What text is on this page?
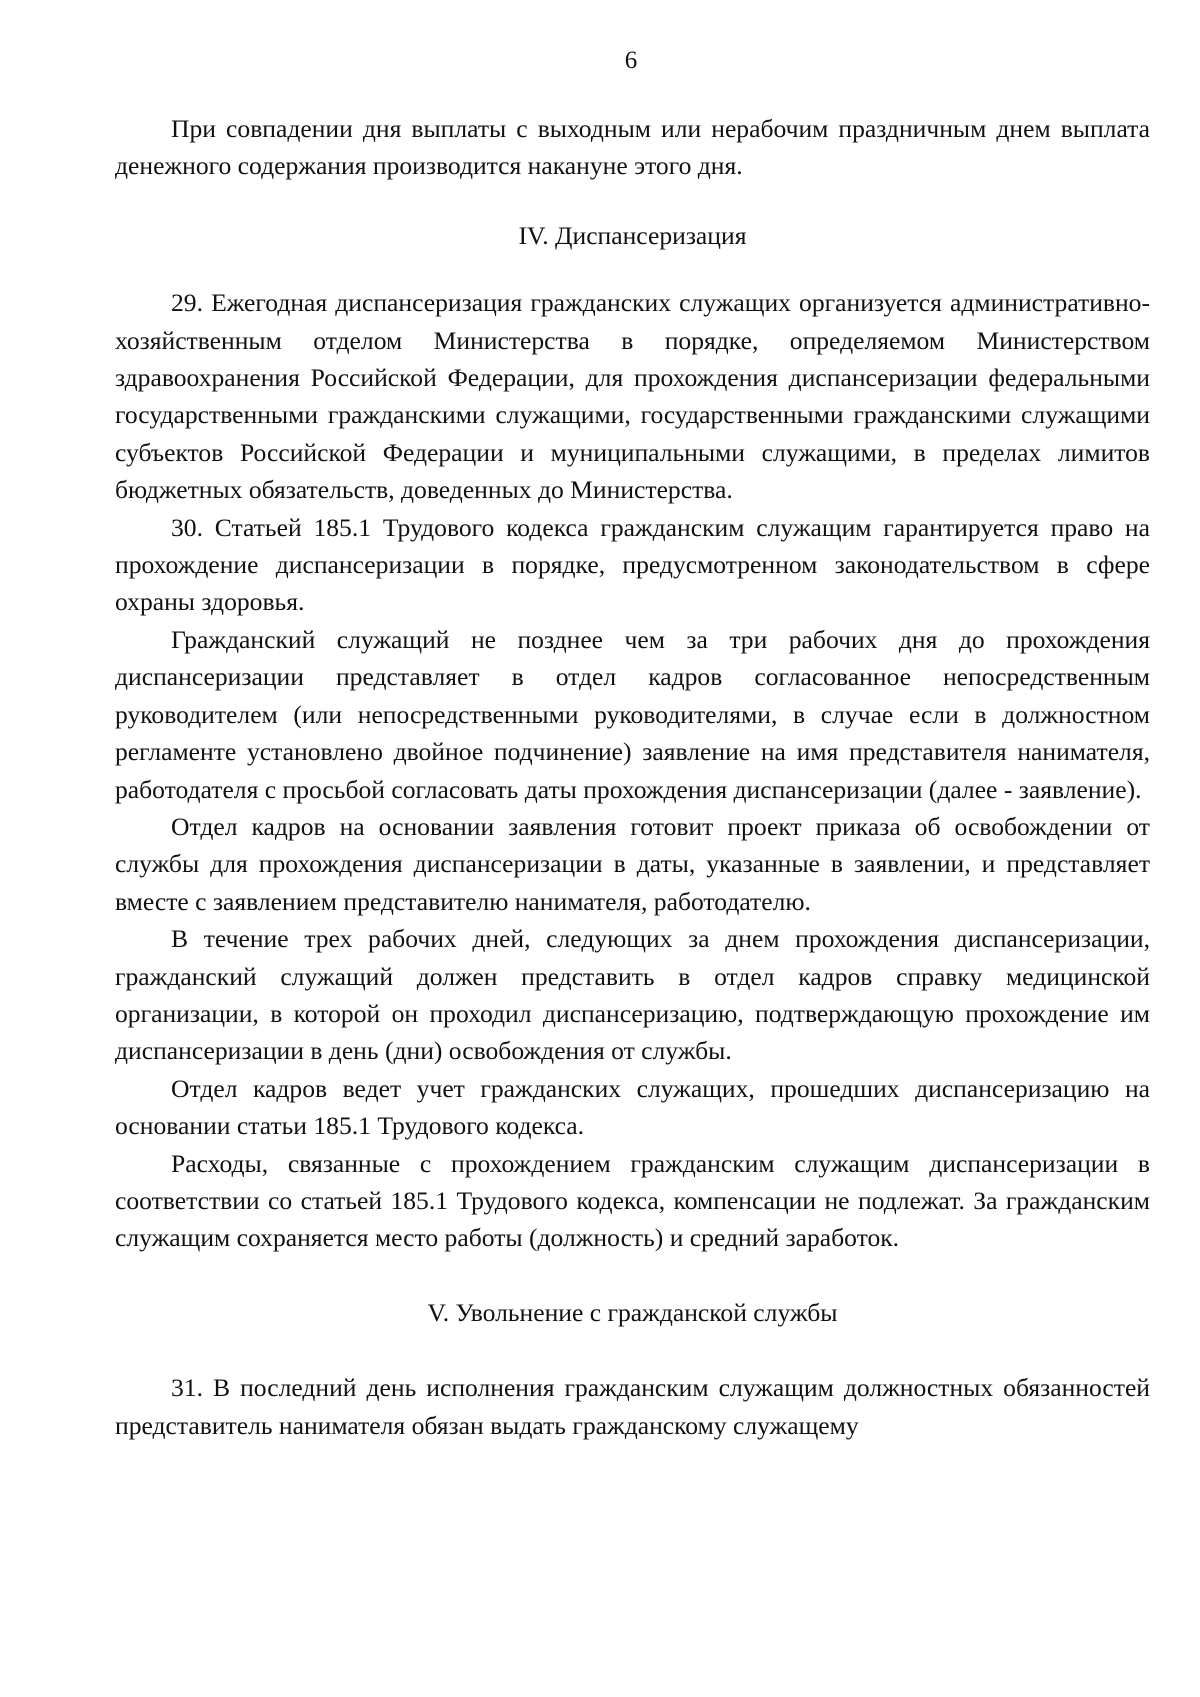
6

При совпадении дня выплаты с выходным или нерабочим праздничным днем выплата денежного содержания производится накануне этого дня.

IV. Диспансеризация

29. Ежегодная диспансеризация гражданских служащих организуется административно-хозяйственным отделом Министерства в порядке, определяемом Министерством здравоохранения Российской Федерации, для прохождения диспансеризации федеральными государственными гражданскими служащими, государственными гражданскими служащими субъектов Российской Федерации и муниципальными служащими, в пределах лимитов бюджетных обязательств, доведенных до Министерства.

30. Статьей 185.1 Трудового кодекса гражданским служащим гарантируется право на прохождение диспансеризации в порядке, предусмотренном законодательством в сфере охраны здоровья.

Гражданский служащий не позднее чем за три рабочих дня до прохождения диспансеризации представляет в отдел кадров согласованное непосредственным руководителем (или непосредственными руководителями, в случае если в должностном регламенте установлено двойное подчинение) заявление на имя представителя нанимателя, работодателя с просьбой согласовать даты прохождения диспансеризации (далее - заявление).

Отдел кадров на основании заявления готовит проект приказа об освобождении от службы для прохождения диспансеризации в даты, указанные в заявлении, и представляет вместе с заявлением представителю нанимателя, работодателю.

В течение трех рабочих дней, следующих за днем прохождения диспансеризации, гражданский служащий должен представить в отдел кадров справку медицинской организации, в которой он проходил диспансеризацию, подтверждающую прохождение им диспансеризации в день (дни) освобождения от службы.

Отдел кадров ведет учет гражданских служащих, прошедших диспансеризацию на основании статьи 185.1 Трудового кодекса.

Расходы, связанные с прохождением гражданским служащим диспансеризации в соответствии со статьей 185.1 Трудового кодекса, компенсации не подлежат. За гражданским служащим сохраняется место работы (должность) и средний заработок.

V. Увольнение с гражданской службы

31. В последний день исполнения гражданским служащим должностных обязанностей представитель нанимателя обязан выдать гражданскому служащему
